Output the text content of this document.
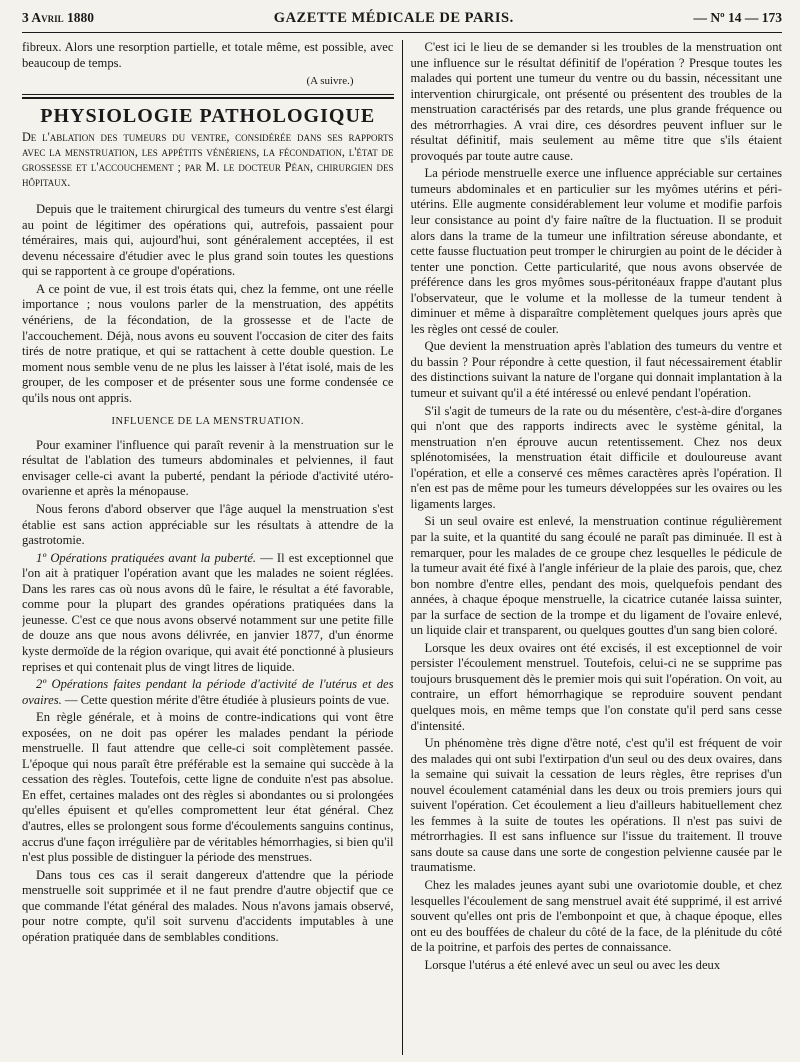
3 Avril 1880	GAZETTE MÉDICALE DE PARIS.	— Nº 14 — 173

fibreux. Alors une resorption partielle, et totale même, est possible, avec beaucoup de temps.

(A suivre.)

PHYSIOLOGIE PATHOLOGIQUE

De l'ablation des tumeurs du ventre, considérée dans ses rapports avec la menstruation, les appétits vénériens, la fécondation, l'état de grossesse et l'accouchement ; par M. le docteur Péan, chirurgien des hôpitaux.

Depuis que le traitement chirurgical des tumeurs du ventre s'est élargi au point de légitimer des opérations qui, autrefois, passaient pour téméraires, mais qui, aujourd'hui, sont généralement acceptées, il est devenu nécessaire d'étudier avec le plus grand soin toutes les questions qui se rapportent à ce groupe d'opérations.

A ce point de vue, il est trois états qui, chez la femme, ont une réelle importance ; nous voulons parler de la menstruation, des appétits vénériens, de la fécondation, de la grossesse et de l'acte de l'accouchement. Déjà, nous avons eu souvent l'occasion de citer des faits tirés de notre pratique, et qui se rattachent à cette double question. Le moment nous semble venu de ne plus les laisser à l'état isolé, mais de les grouper, de les composer et de présenter sous une forme condensée ce qu'ils nous ont appris.

INFLUENCE DE LA MENSTRUATION.

Pour examiner l'influence qui paraît revenir à la menstruation sur le résultat de l'ablation des tumeurs abdominales et pelviennes, il faut envisager celle-ci avant la puberté, pendant la période d'activité utéro-ovarienne et après la ménopause.

Nous ferons d'abord observer que l'âge auquel la menstruation s'est établie est sans action appréciable sur les résultats à attendre de la gastrotomie.

1º Opérations pratiquées avant la puberté. — Il est exceptionnel que l'on ait à pratiquer l'opération avant que les malades ne soient réglées. Dans les rares cas où nous avons dû le faire, le résultat a été favorable, comme pour la plupart des grandes opérations pratiquées dans la jeunesse. C'est ce que nous avons observé notamment sur une petite fille de douze ans que nous avons délivrée, en janvier 1877, d'un énorme kyste dermoïde de la région ovarique, qui avait été ponctionné à plusieurs reprises et qui contenait plus de vingt litres de liquide.

2º Opérations faites pendant la période d'activité de l'utérus et des ovaires. — Cette question mérite d'être étudiée à plusieurs points de vue.

En règle générale, et à moins de contre-indications qui vont être exposées, on ne doit pas opérer les malades pendant la période menstruelle. Il faut attendre que celle-ci soit complètement passée. L'époque qui nous paraît être préférable est la semaine qui succède à la cessation des règles. Toutefois, cette ligne de conduite n'est pas absolue. En effet, certaines malades ont des règles si abondantes ou si prolongées qu'elles épuisent et qu'elles compromettent leur état général. Chez d'autres, elles se prolongent sous forme d'écoulements sanguins continus, accrus d'une façon irrégulière par de véritables hémorrhagies, si bien qu'il n'est plus possible de distinguer la période des menstrues.

Dans tous ces cas il serait dangereux d'attendre que la période menstruelle soit supprimée et il ne faut prendre d'autre objectif que ce que commande l'état général des malades. Nous n'avons jamais observé, pour notre compte, qu'il soit survenu d'accidents imputables à une opération pratiquée dans de semblables conditions.

C'est ici le lieu de se demander si les troubles de la menstruation ont une influence sur le résultat définitif de l'opération ? Presque toutes les malades qui portent une tumeur du ventre ou du bassin, nécessitant une intervention chirurgicale, ont présenté ou présentent des troubles de la menstruation caractérisés par des retards, une plus grande fréquence ou des métrorrhagies. A vrai dire, ces désordres peuvent influer sur le résultat définitif, mais seulement au même titre que s'ils étaient provoqués par toute autre cause.

La période menstruelle exerce une influence appréciable sur certaines tumeurs abdominales et en particulier sur les myômes utérins et péri-utérins. Elle augmente considérablement leur volume et modifie parfois leur consistance au point d'y faire naître de la fluctuation. Il se produit alors dans la trame de la tumeur une infiltration séreuse abondante, et cette fausse fluctuation peut tromper le chirurgien au point de le décider à tenter une ponction. Cette particularité, que nous avons observée de préférence dans les gros myômes sous-péritonéaux frappe d'autant plus l'observateur, que le volume et la mollesse de la tumeur tendent à diminuer et même à disparaître complètement quelques jours après que les règles ont cessé de couler.

Que devient la menstruation après l'ablation des tumeurs du ventre et du bassin ? Pour répondre à cette question, il faut nécessairement établir des distinctions suivant la nature de l'organe qui donnait implantation à la tumeur et suivant qu'il a été intéressé ou enlevé pendant l'opération.

S'il s'agit de tumeurs de la rate ou du mésentère, c'est-à-dire d'organes qui n'ont que des rapports indirects avec le système génital, la menstruation n'en éprouve aucun retentissement. Chez nos deux splénotomisées, la menstruation était difficile et douloureuse avant l'opération, et elle a conservé ces mêmes caractères après l'opération. Il n'en est pas de même pour les tumeurs développées sur les ovaires ou les ligaments larges.

Si un seul ovaire est enlevé, la menstruation continue régulièrement par la suite, et la quantité du sang écoulé ne paraît pas diminuée. Il est à remarquer, pour les malades de ce groupe chez lesquelles le pédicule de la tumeur avait été fixé à l'angle inférieur de la plaie des parois, que, chez bon nombre d'entre elles, pendant des mois, quelquefois pendant des années, à chaque époque menstruelle, la cicatrice cutanée laissa suinter, par la surface de section de la trompe et du ligament de l'ovaire enlevé, un liquide clair et transparent, ou quelques gouttes d'un sang bien coloré.

Lorsque les deux ovaires ont été excisés, il est exceptionnel de voir persister l'écoulement menstruel. Toutefois, celui-ci ne se supprime pas toujours brusquement dès le premier mois qui suit l'opération. On voit, au contraire, un effort hémorrhagique se reproduire souvent pendant quelques mois, en même temps que l'on constate qu'il perd sans cesse d'intensité.

Un phénomène très digne d'être noté, c'est qu'il est fréquent de voir des malades qui ont subi l'extirpation d'un seul ou des deux ovaires, dans la semaine qui suivait la cessation de leurs règles, être reprises d'un nouvel écoulement cataménial dans les deux ou trois premiers jours qui suivent l'opération. Cet écoulement a lieu d'ailleurs habituellement chez les femmes à la suite de toutes les opérations. Il n'est pas suivi de métrorrhagies. Il est sans influence sur l'issue du traitement. Il trouve sans doute sa cause dans une sorte de congestion pelvienne causée par le traumatisme.

Chez les malades jeunes ayant subi une ovariotomie double, et chez lesquelles l'écoulement de sang menstruel avait été supprimé, il est arrivé souvent qu'elles ont pris de l'embonpoint et que, à chaque époque, elles ont eu des bouffées de chaleur du côté de la face, de la plénitude du côté de la poitrine, et parfois des pertes de connaissance.

Lorsque l'utérus a été enlevé avec un seul ou avec les deux
